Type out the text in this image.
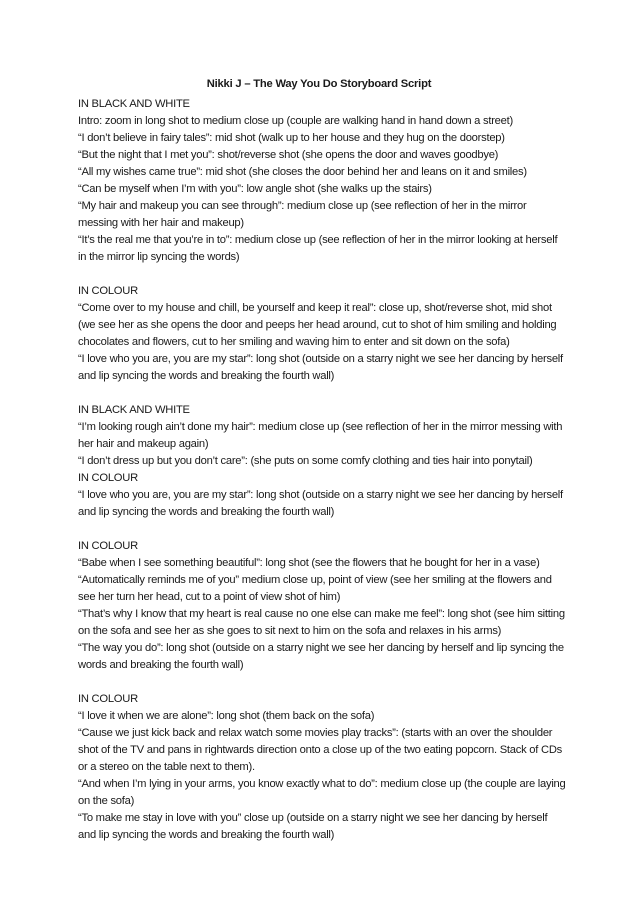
Nikki J – The Way You Do Storyboard Script
IN BLACK AND WHITE
Intro: zoom in long shot to medium close up (couple are walking hand in hand down a street)
“I don’t believe in fairy tales”: mid shot (walk up to her house and they hug on the doorstep)
“But the night that I met you”: shot/reverse shot (she opens the door and waves goodbye)
“All my wishes came true”: mid shot (she closes the door behind her and leans on it and smiles)
“Can be myself when I’m with you”: low angle shot (she walks up the stairs)
“My hair and makeup you can see through”: medium close up (see reflection of her in the mirror messing with her hair and makeup)
“It’s the real me that you’re in to”: medium close up (see reflection of her in the mirror looking at herself in the mirror lip syncing the words)
IN COLOUR
“Come over to my house and chill, be yourself and keep it real”: close up, shot/reverse shot, mid shot (we see her as she opens the door and peeps her head around, cut to shot of him smiling and holding chocolates and flowers, cut to her smiling and waving him to enter and sit down on the sofa)
“I love who you are, you are my star”: long shot (outside on a starry night we see her dancing by herself and lip syncing the words and breaking the fourth wall)
IN BLACK AND WHITE
“I’m looking rough ain’t done my hair”: medium close up (see reflection of her in the mirror messing with her hair and makeup again)
“I don’t dress up but you don’t care”: (she puts on some comfy clothing and ties hair into ponytail)
IN COLOUR
“I love who you are, you are my star”: long shot (outside on a starry night we see her dancing by herself and lip syncing the words and breaking the fourth wall)
IN COLOUR
“Babe when I see something beautiful”: long shot (see the flowers that he bought for her in a vase)
“Automatically reminds me of you” medium close up, point of view (see her smiling at the flowers and see her turn her head, cut to a point of view shot of him)
“That’s why I know that my heart is real cause no one else can make me feel”: long shot (see him sitting on the sofa and see her as she goes to sit next to him on the sofa and relaxes in his arms)
“The way you do”: long shot (outside on a starry night we see her dancing by herself and lip syncing the words and breaking the fourth wall)
IN COLOUR
“I love it when we are alone”: long shot (them back on the sofa)
“Cause we just kick back and relax watch some movies play tracks”: (starts with an over the shoulder shot of the TV and pans in rightwards direction onto a close up of the two eating popcorn. Stack of CDs or a stereo on the table next to them).
“And when I’m lying in your arms, you know exactly what to do”: medium close up (the couple are laying on the sofa)
“To make me stay in love with you” close up (outside on a starry night we see her dancing by herself and lip syncing the words and breaking the fourth wall)
